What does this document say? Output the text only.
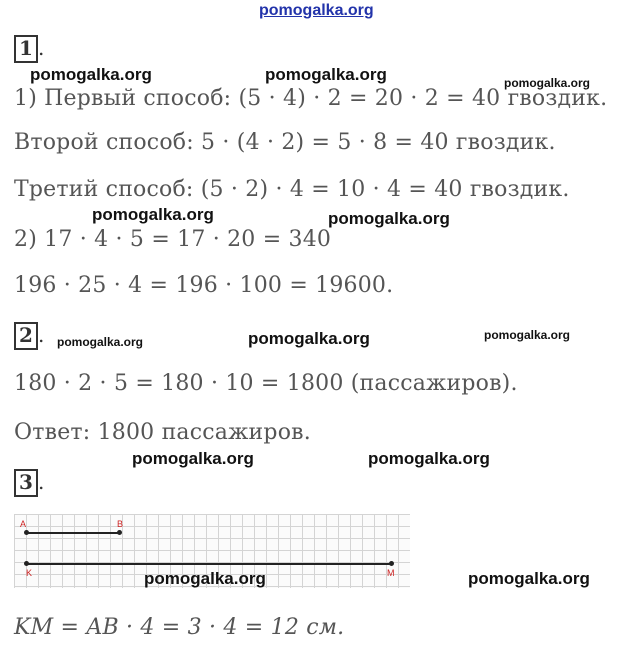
pomogalka.org
1 .
pomogalka.org	pomogalka.org	pomogalka.org
1) Первый способ: (5 · 4) · 2 = 20 · 2 = 40 гвоздик.
Второй способ: 5 · (4 · 2) = 5 · 8 = 40 гвоздик.
Третий способ: (5 · 2) · 4 = 10 · 4 = 40 гвоздик.
pomogalka.org	pomogalka.org
2) 17 · 4 · 5 = 17 · 20 = 340
196 · 25 · 4 = 196 · 100 = 19600.
2 . pomogalka.org	pomogalka.org	pomogalka.org
180 · 2 · 5 = 180 · 10 = 1800 (пассажиров).
Ответ: 1800 пассажиров.
pomogalka.org	pomogalka.org
3 .
A	B
K	M
pomogalka.org	pomogalka.org
KM = AB · 4 = 3 · 4 = 12 см.
